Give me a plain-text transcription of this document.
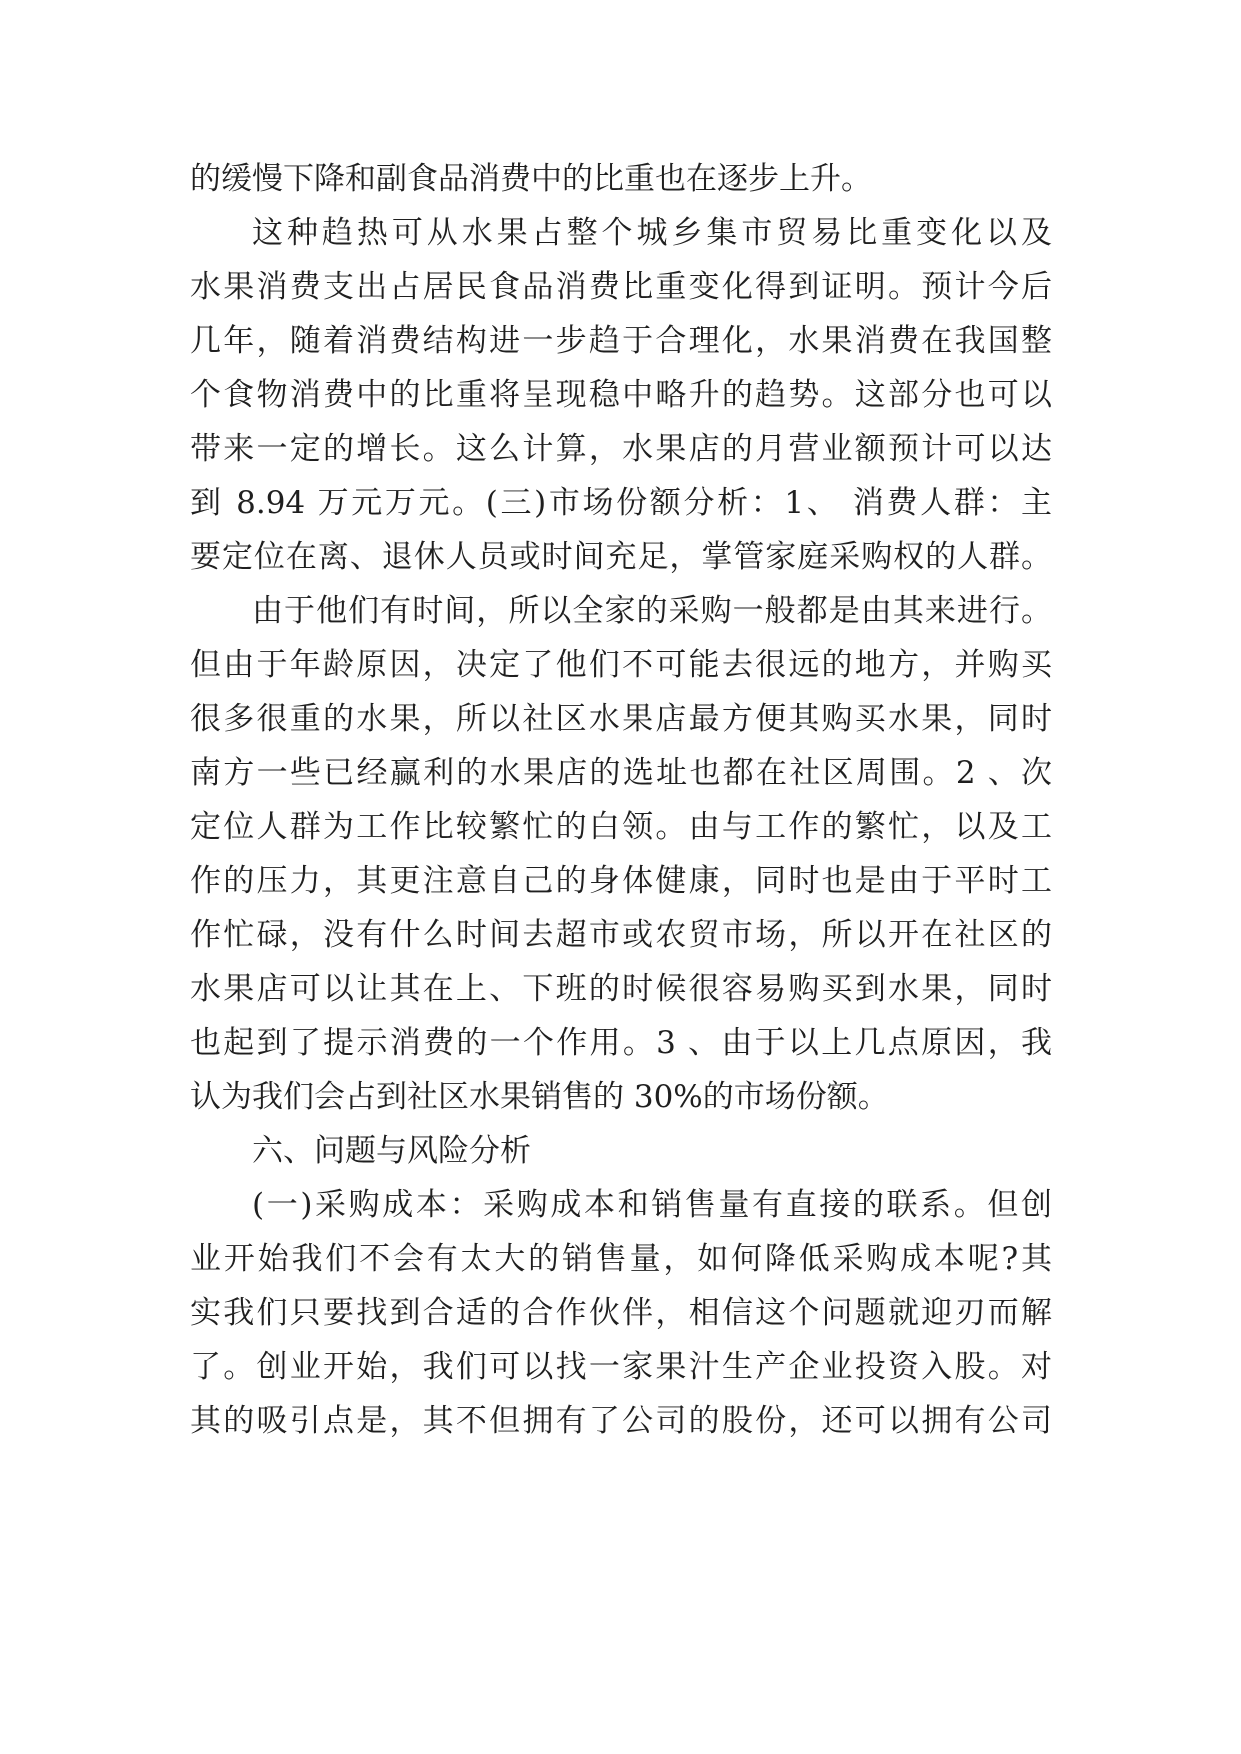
的缓慢下降和副食品消费中的比重也在逐步上升。
这种趋热可从水果占整个城乡集市贸易比重变化以及
水果消费支出占居民食品消费比重变化得到证明。预计今后
几年，随着消费结构进一步趋于合理化，水果消费在我国整
个食物消费中的比重将呈现稳中略升的趋势。这部分也可以
带来一定的增长。这么计算，水果店的月营业额预计可以达
到 8.94 万元万元。(三)市场份额分析：1、 消费人群：主
要定位在离、退休人员或时间充足，掌管家庭采购权的人群。
由于他们有时间，所以全家的采购一般都是由其来进行。
但由于年龄原因，决定了他们不可能去很远的地方，并购买
很多很重的水果，所以社区水果店最方便其购买水果，同时
南方一些已经赢利的水果店的选址也都在社区周围。2 、次
定位人群为工作比较繁忙的白领。由与工作的繁忙，以及工
作的压力，其更注意自己的身体健康，同时也是由于平时工
作忙碌，没有什么时间去超市或农贸市场，所以开在社区的
水果店可以让其在上、下班的时候很容易购买到水果，同时
也起到了提示消费的一个作用。3 、由于以上几点原因，我
认为我们会占到社区水果销售的 30%的市场份额。
六、问题与风险分析
(一)采购成本：采购成本和销售量有直接的联系。但创
业开始我们不会有太大的销售量，如何降低采购成本呢?其
实我们只要找到合适的合作伙伴，相信这个问题就迎刃而解
了。创业开始，我们可以找一家果汁生产企业投资入股。对
其的吸引点是，其不但拥有了公司的股份，还可以拥有公司
